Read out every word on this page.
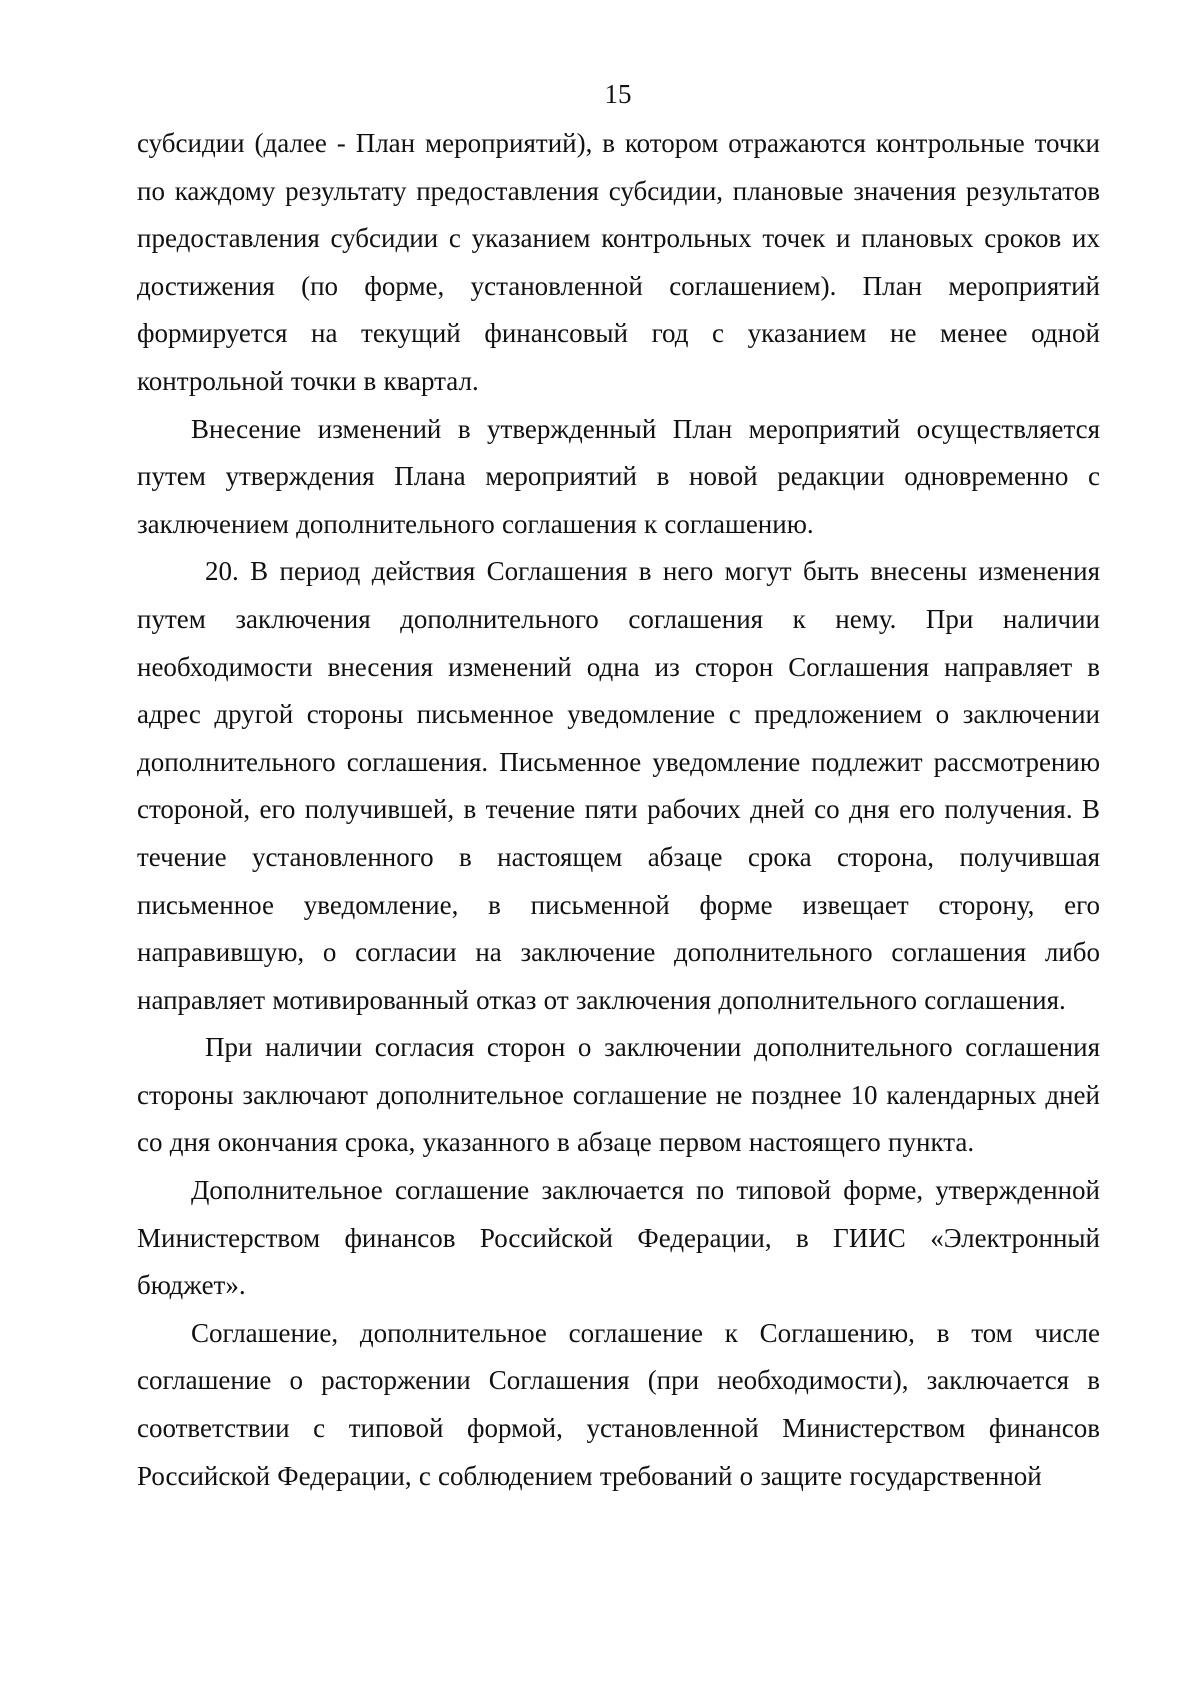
15

субсидии (далее - План мероприятий), в котором отражаются контрольные точки по каждому результату предоставления субсидии, плановые значения результатов предоставления субсидии с указанием контрольных точек и плановых сроков их достижения (по форме, установленной соглашением). План мероприятий формируется на текущий финансовый год с указанием не менее одной контрольной точки в квартал.

Внесение изменений в утвержденный План мероприятий осуществляется путем утверждения Плана мероприятий в новой редакции одновременно с заключением дополнительного соглашения к соглашению.

20. В период действия Соглашения в него могут быть внесены изменения путем заключения дополнительного соглашения к нему. При наличии необходимости внесения изменений одна из сторон Соглашения направляет в адрес другой стороны письменное уведомление с предложением о заключении дополнительного соглашения. Письменное уведомление подлежит рассмотрению стороной, его получившей, в течение пяти рабочих дней со дня его получения. В течение установленного в настоящем абзаце срока сторона, получившая письменное уведомление, в письменной форме извещает сторону, его направившую, о согласии на заключение дополнительного соглашения либо направляет мотивированный отказ от заключения дополнительного соглашения.

При наличии согласия сторон о заключении дополнительного соглашения стороны заключают дополнительное соглашение не позднее 10 календарных дней со дня окончания срока, указанного в абзаце первом настоящего пункта.

Дополнительное соглашение заключается по типовой форме, утвержденной Министерством финансов Российской Федерации, в ГИИС «Электронный бюджет».

Соглашение, дополнительное соглашение к Соглашению, в том числе соглашение о расторжении Соглашения (при необходимости), заключается в соответствии с типовой формой, установленной Министерством финансов Российской Федерации, с соблюдением требований о защите государственной
